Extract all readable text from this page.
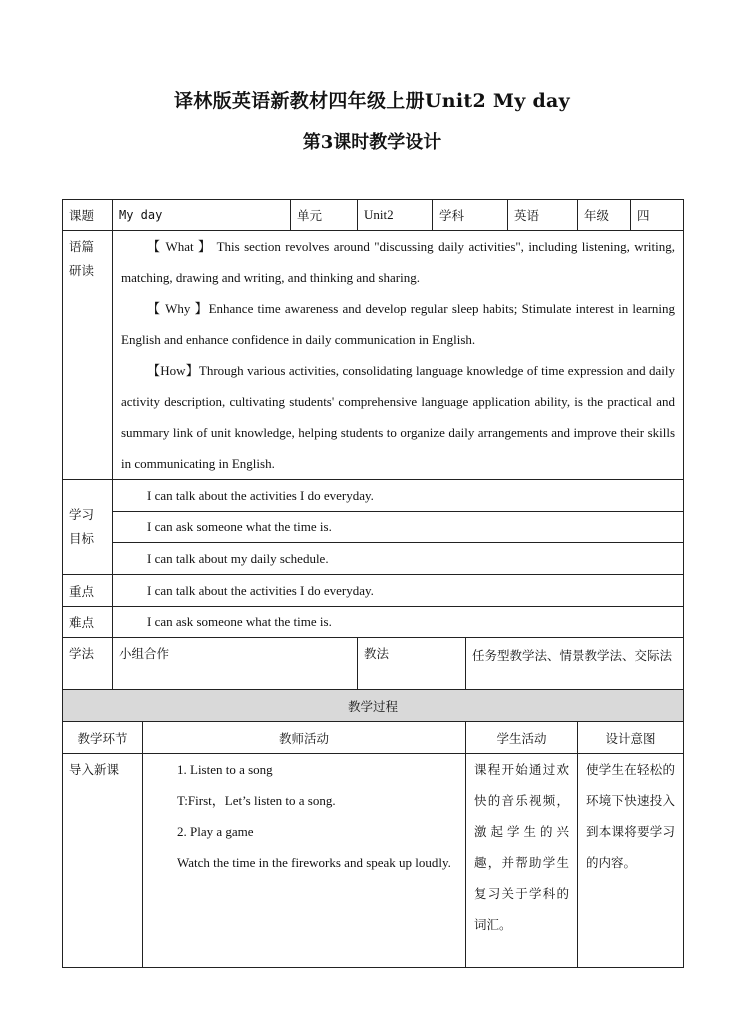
译林版英语新教材四年级上册Unit2 My day
第3课时教学设计
课题	My day		单元	Unit2	学科		英语	年级	四
语篇研读	【 What 】 This section revolves around "discussing daily activities", including listening, writing, matching, drawing and writing, and thinking and sharing.

【 Why 】Enhance time awareness and develop regular sleep habits; Stimulate interest in learning English and enhance confidence in daily communication in English.

【How】Through various activities, consolidating language knowledge of time expression and daily activity description, cultivating students' comprehensive language application ability, is the practical and summary link of unit knowledge, helping students to organize daily arrangements and improve their skills in communicating in English.								

学习目标	I can talk about the activities I do everyday.								
	I can ask someone what the time is.								
	I can talk about my daily schedule.								
重点	I can talk about the activities I do everyday.								
难点	I can ask someone what the time is.								
学法	小组合作			教法		任务型教学法、情景教学法、交际法			
教学过程									
教学环节		教师活动				学生活动		设计意图	
导入新课		1. Listen to a song
T:First，Let’s listen to a song.
2. Play a game
Watch the time in the fireworks and speak up loudly.				课程开始通过欢快的音乐视频，激起学生的兴趣，并帮助学生复习关于学科的词汇。		使学生在轻松的环境下快速投入到本课将要学习的内容。	
